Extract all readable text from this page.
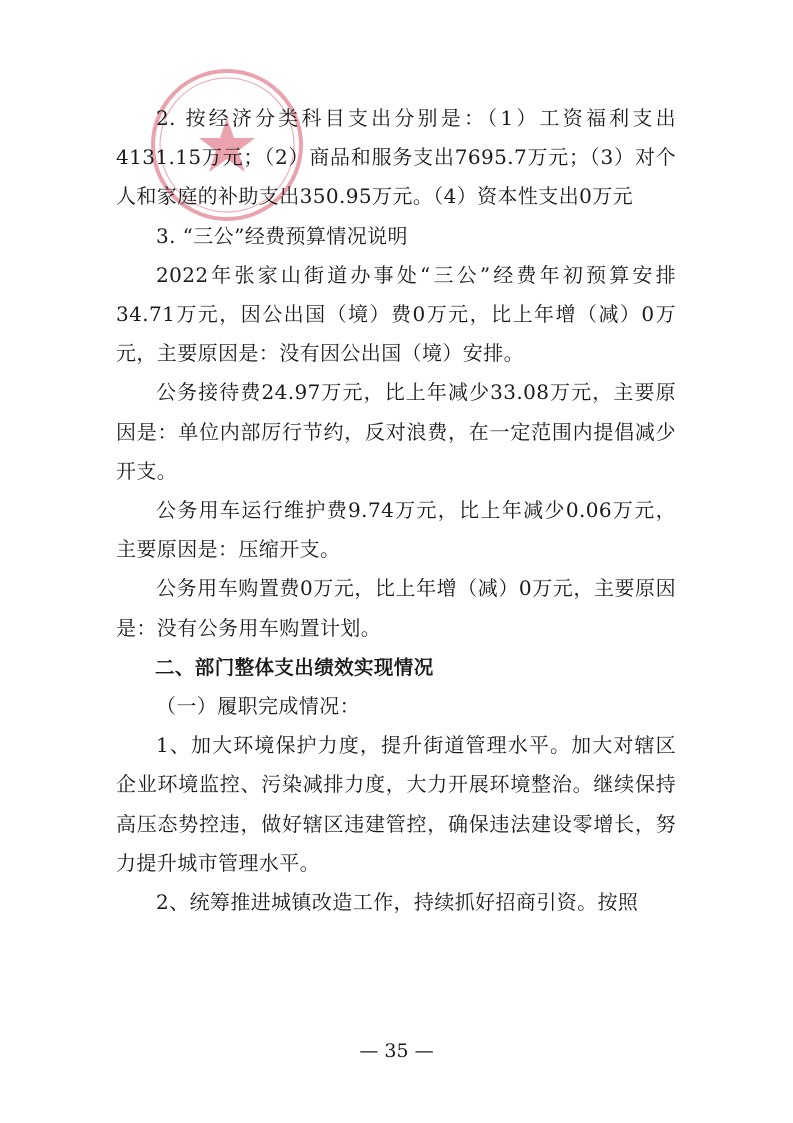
2. 按经济分类科目支出分别是：（1）工资福利支出4131.15万元；（2）商品和服务支出7695.7万元；（3）对个人和家庭的补助支出350.95万元。（4）资本性支出0万元

3. “三公”经费预算情况说明

2022年张家山街道办事处“三公”经费年初预算安排34.71万元，因公出国（境）费0万元，比上年增（减）0万元，主要原因是：没有因公出国（境）安排。

公务接待费24.97万元，比上年减少33.08万元，主要原因是：单位内部厉行节约，反对浪费，在一定范围内提倡减少开支。

公务用车运行维护费9.74万元，比上年减少0.06万元，主要原因是：压缩开支。

公务用车购置费0万元，比上年增（减）0万元，主要原因是：没有公务用车购置计划。

二、部门整体支出绩效实现情况

（一）履职完成情况：

1、加大环境保护力度，提升街道管理水平。加大对辖区企业环境监控、污染减排力度，大力开展环境整治。继续保持高压态势控违，做好辖区违建管控，确保违法建设零增长，努力提升城市管理水平。

2、统筹推进城镇改造工作，持续抓好招商引资。按照

— 35 —
